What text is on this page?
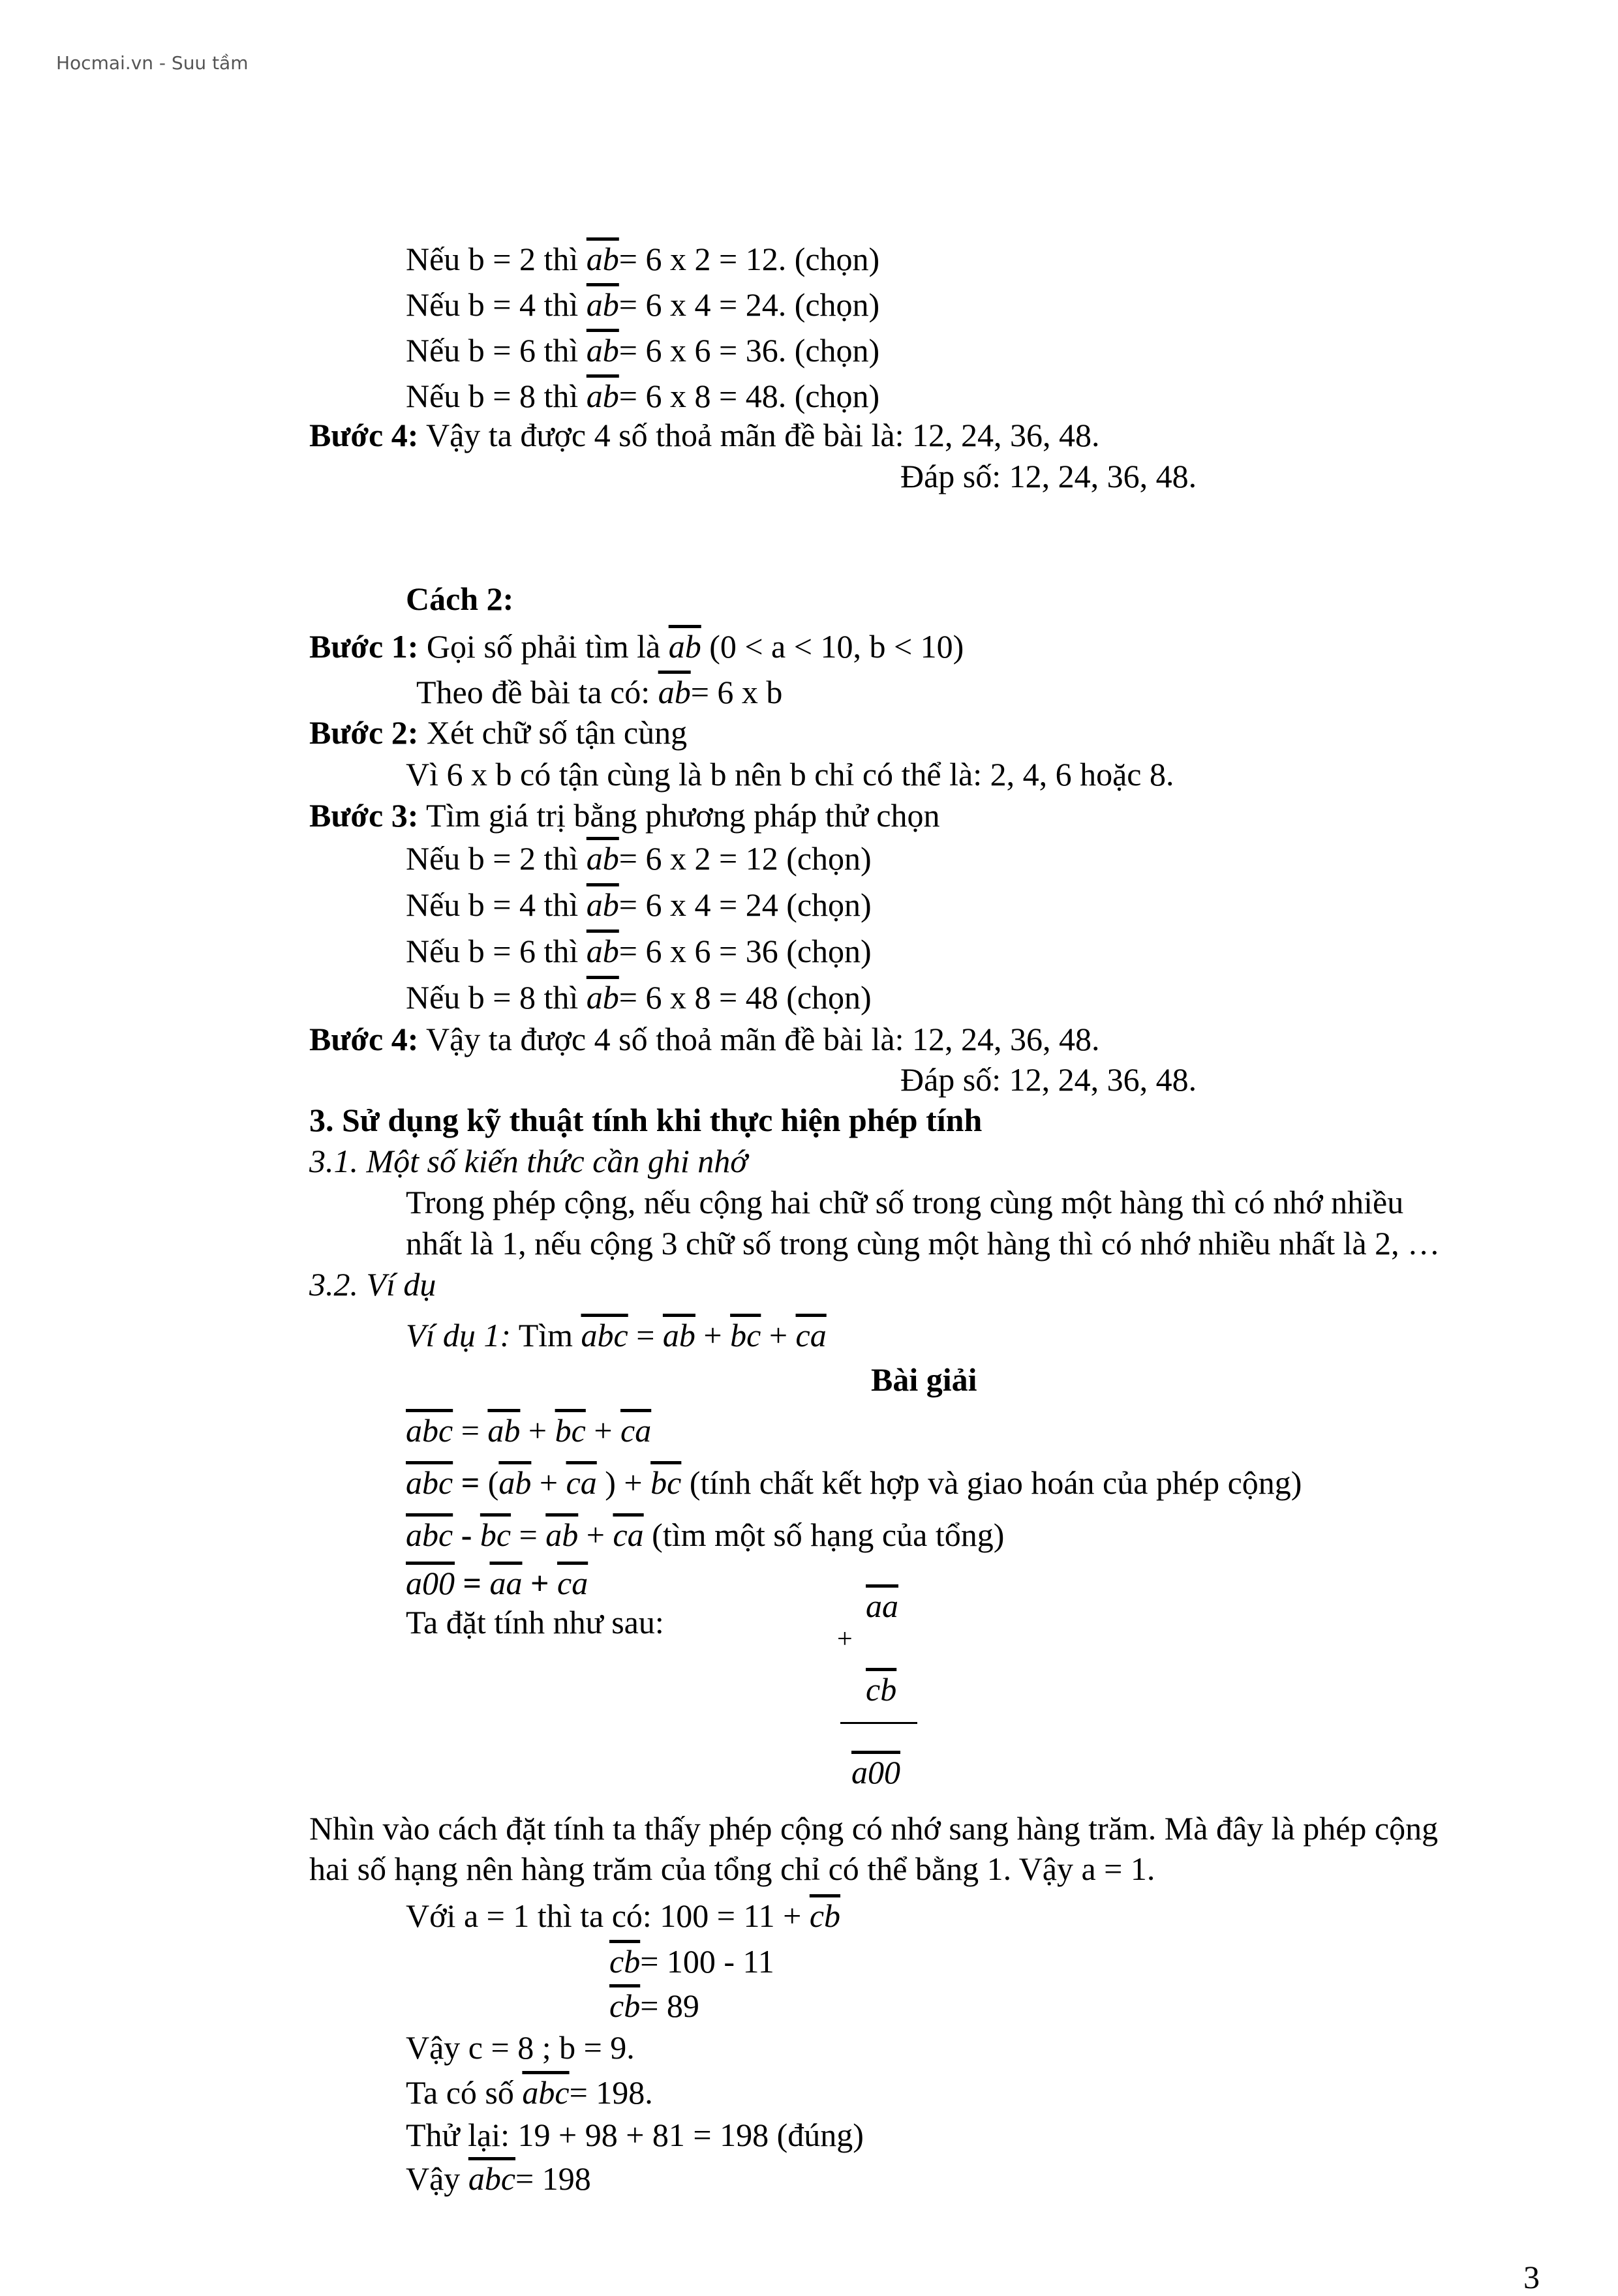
Hocmai.vn - Suu tầm
Nếu b = 2 thì $\overline{ab}= 6$ x 2 = 12. (chọn)
Nếu b = 4 thì $\overline{ab}= 6$ x 4 = 24. (chọn)
Nếu b = 6 thì $\overline{ab}= 6$ x 6 = 36. (chọn)
Nếu b = 8 thì $\overline{ab}= 6$ x 8 = 48. (chọn)
Bước 4: Vậy ta được 4 số thoả mãn đề bài là: 12, 24, 36, 48.
Đáp số: 12, 24, 36, 48.
Cách 2:
Bước 1: Gọi số phải tìm là $\overline{ab}$ (0 < a < 10, b < 10)
Theo đề bài ta có: $\overline{ab}= 6$ x b
Bước 2: Xét chữ số tận cùng
Vì 6 x b có tận cùng là b nên b chỉ có thể là: 2, 4, 6 hoặc 8.
Bước 3: Tìm giá trị bằng phương pháp thử chọn
Nếu b = 2 thì $\overline{ab}= 6$ x 2 = 12 (chọn)
Nếu b = 4 thì $\overline{ab}= 6$ x 4 = 24 (chọn)
Nếu b = 6 thì $\overline{ab}= 6$ x 6 = 36 (chọn)
Nếu b = 8 thì $\overline{ab}= 6$ x 8 = 48 (chọn)
Bước 4: Vậy ta được 4 số thoả mãn đề bài là: 12, 24, 36, 48.
Đáp số: 12, 24, 36, 48.
3. Sử dụng kỹ thuật tính khi thực hiện phép tính
3.1. Một số kiến thức cần ghi nhớ
Trong phép cộng, nếu cộng hai chữ số trong cùng một hàng thì có nhớ nhiều
nhất là 1, nếu cộng 3 chữ số trong cùng một hàng thì có nhớ nhiều nhất là 2, …
3.2. Ví dụ
Ví dụ 1: Tìm $\overline{abc} = \overline{ab} + \overline{bc} + \overline{ca}$
Bài giải
$\overline{abc} = \overline{ab} + \overline{bc} + \overline{ca}$
$\overline{abc} = (\overline{ab} + \overline{ca}$ ) + $\overline{bc}$ (tính chất kết hợp và giao hoán của phép cộng)
$\overline{abc} - \overline{bc} = \overline{ab} + \overline{ca}$ (tìm một số hạng của tổng)
$a00 = \overline{aa} + \overline{ca}$
Ta đặt tính như sau:	$\overline{aa}$
+
$\overline{cb}$
a00
Nhìn vào cách đặt tính ta thấy phép cộng có nhớ sang hàng trăm. Mà đây là phép cộng
hai số hạng nên hàng trăm của tổng chỉ có thể bằng 1. Vậy a = 1.
Với a = 1 thì ta có: $100 = 11 + \overline{cb}$
$\overline{cb}= 100 - 11$
$\overline{cb}= 89$
Vậy c = 8 ; b = 9.
Ta có số $\overline{abc}= 198$.
Thử lại: 19 + 98 + 81 = 198 (đúng)
Vậy $\overline{abc}= 198$
3
